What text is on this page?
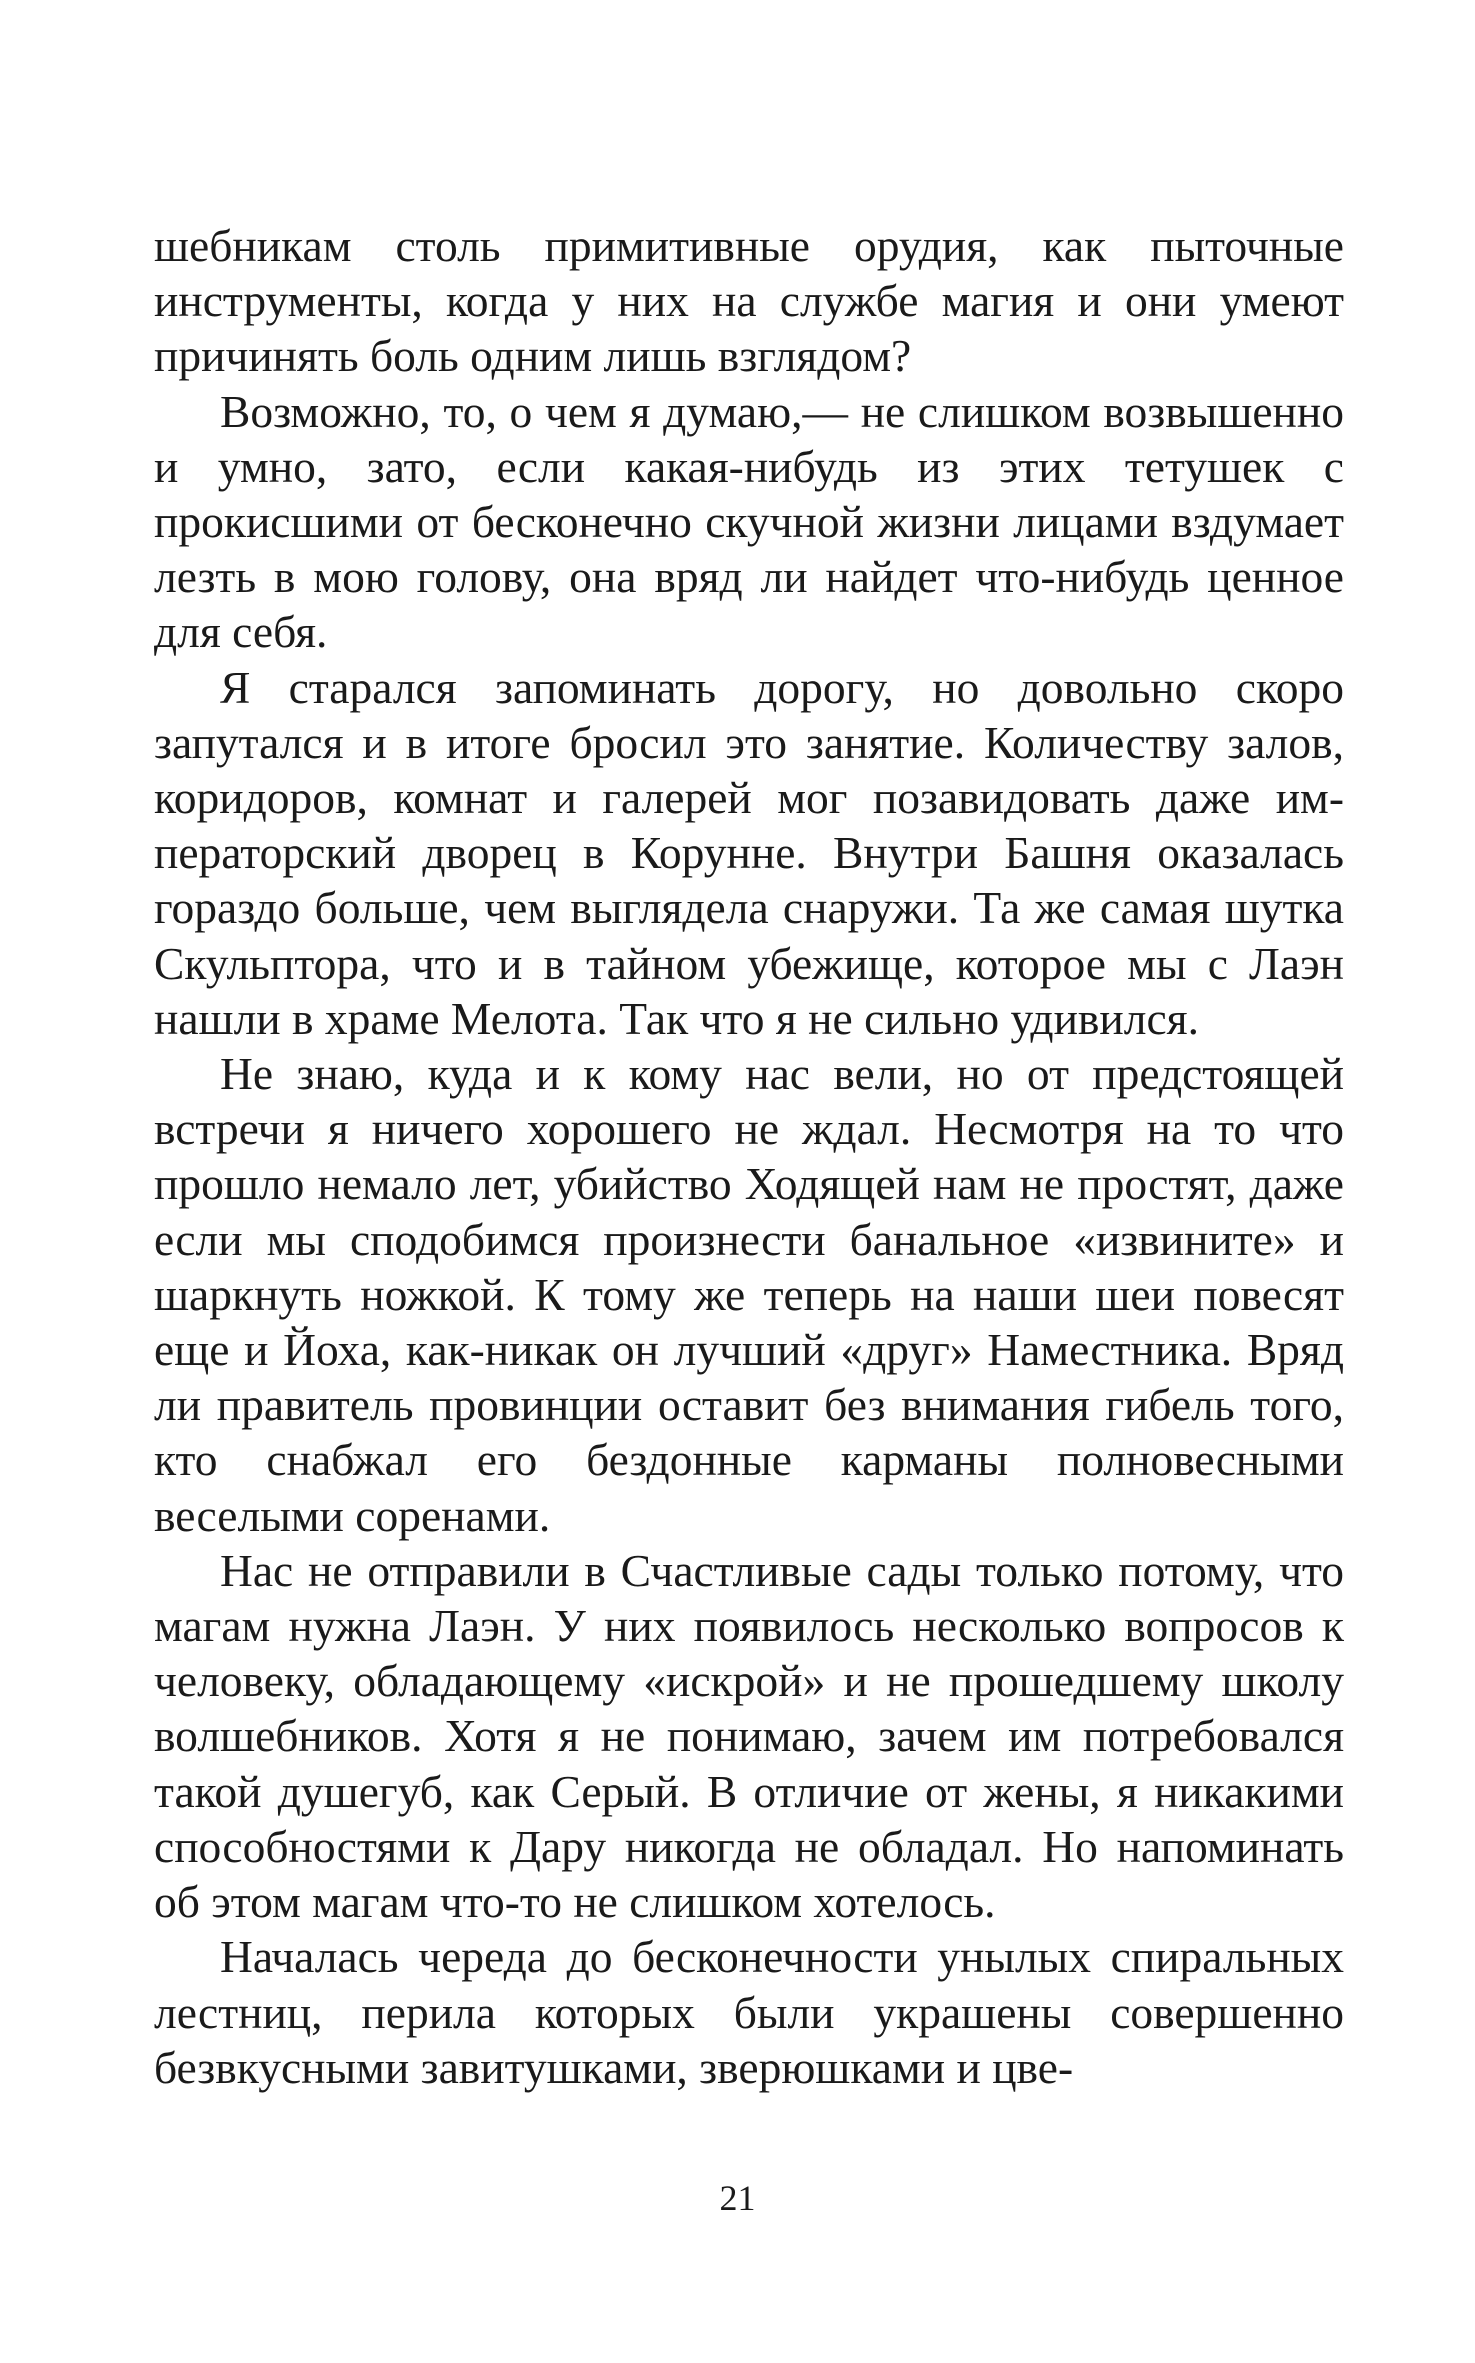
шебникам столь примитивные орудия, как пыточные инструменты, когда у них на службе магия и они умеют причинять боль одним лишь взглядом?

Возможно, то, о чем я думаю,— не слишком возвышенно и умно, зато, если какая-нибудь из этих тетушек с прокисшими от бесконечно скучной жизни лицами вздумает лезть в мою голову, она вряд ли найдет что-нибудь ценное для себя.

Я старался запоминать дорогу, но довольно скоро запутался и в итоге бросил это занятие. Количеству залов, коридоров, комнат и галерей мог позавидовать даже императорский дворец в Корунне. Внутри Башня оказалась гораздо больше, чем выглядела снаружи. Та же самая шутка Скульптора, что и в тайном убежище, которое мы с Лаэн нашли в храме Мелота. Так что я не сильно удивился.

Не знаю, куда и к кому нас вели, но от предстоящей встречи я ничего хорошего не ждал. Несмотря на то что прошло немало лет, убийство Ходящей нам не простят, даже если мы сподобимся произнести банальное «извините» и шаркнуть ножкой. К тому же теперь на наши шеи повесят еще и Йоха, как-никак он лучший «друг» Наместника. Вряд ли правитель провинции оставит без внимания гибель того, кто снабжал его бездонные карманы полновесными веселыми соренами.

Нас не отправили в Счастливые сады только потому, что магам нужна Лаэн. У них появилось несколько вопросов к человеку, обладающему «искрой» и не прошедшему школу волшебников. Хотя я не понимаю, зачем им потребовался такой душегуб, как Серый. В отличие от жены, я никакими способностями к Дару никогда не обладал. Но напоминать об этом магам что-то не слишком хотелось.

Началась череда до бесконечности унылых спиральных лестниц, перила которых были украшены совершенно безвкусными завитушками, зверюшками и цве-

21
